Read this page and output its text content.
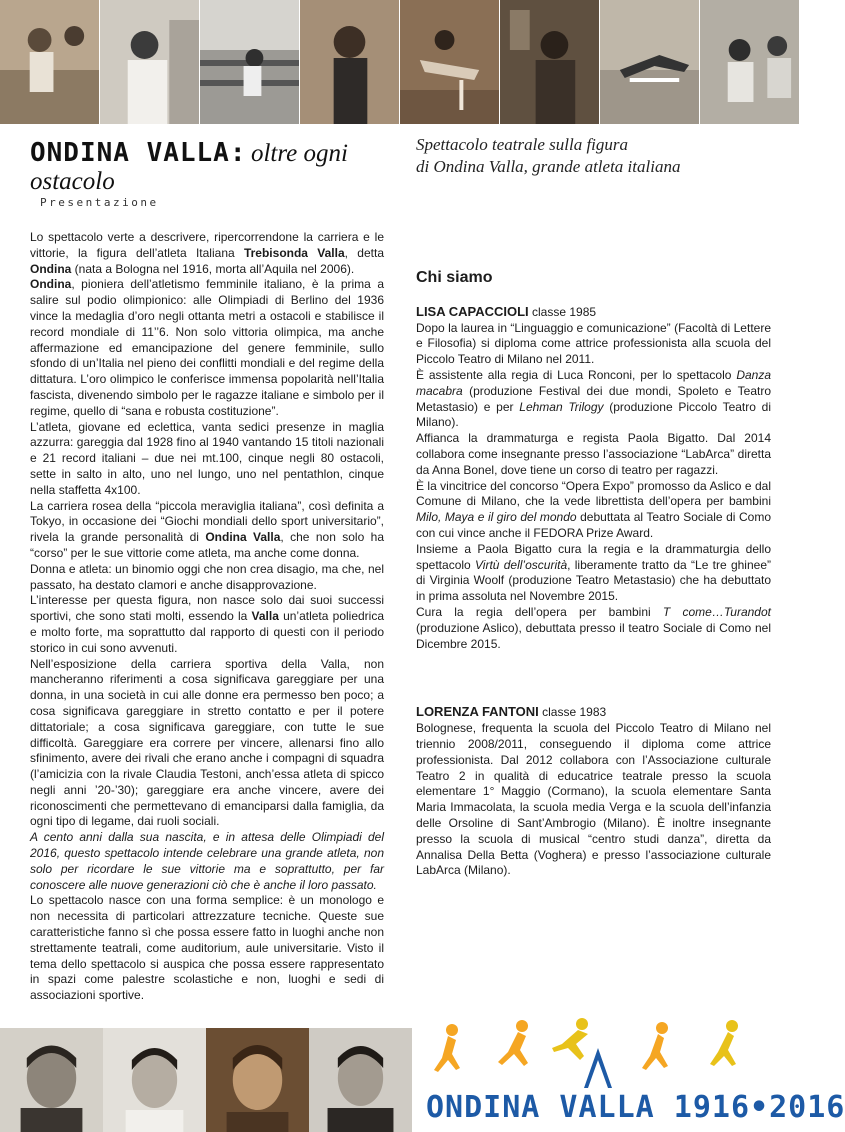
ONDINA VALLA: oltre ogni ostacolo
Presentazione
Spettacolo teatrale sulla figura
di Ondina Valla, grande atleta italiana

Lo spettacolo verte a descrivere, ripercorrendone la carriera e le vittorie, la figura dell’atleta Italiana Trebisonda Valla, detta Ondina (nata a Bologna nel 1916, morta all’Aquila nel 2006).

Ondina, pioniera dell’atletismo femminile italiano, è la prima a salire sul podio olimpionico: alle Olimpiadi di Berlino del 1936 vince la medaglia d’oro negli ottanta metri a ostacoli e stabilisce il record mondiale di 11’’6. Non solo vittoria olimpica, ma anche affermazione ed emancipazione del genere femminile, sullo sfondo di un’Italia nel pieno dei conflitti mondiali e del regime della dittatura. L’oro olimpico le conferisce immensa popolarità nell’Italia fascista, divenendo simbolo per le ragazze italiane e simbolo per il regime, quello di “sana e robusta costituzione”.

L’atleta, giovane ed eclettica, vanta sedici presenze in maglia azzurra: gareggia dal 1928 fino al 1940 vantando 15 titoli nazionali e 21 record italiani – due nei mt.100, cinque negli 80 ostacoli, sette in salto in alto, uno nel lungo, uno nel pentathlon, cinque nella staffetta 4x100.

La carriera rosea della “piccola meraviglia italiana”, così definita a Tokyo, in occasione dei “Giochi mondiali dello sport universitario”, rivela la grande personalità di Ondina Valla, che non solo ha “corso” per le sue vittorie come atleta, ma anche come donna.

Donna e atleta: un binomio oggi che non crea disagio, ma che, nel passato, ha destato clamori e anche disapprovazione.

L’interesse per questa figura, non nasce solo dai suoi successi sportivi, che sono stati molti, essendo la Valla un’atleta poliedrica e molto forte, ma soprattutto dal rapporto di questi con il periodo storico in cui sono avvenuti.

Nell’esposizione della carriera sportiva della Valla, non mancheranno riferimenti a cosa significava gareggiare per una donna, in una società in cui alle donne era permesso ben poco; a cosa significava gareggiare in stretto contatto e per il potere dittatoriale; a cosa significava gareggiare, con tutte le sue difficoltà. Gareggiare era correre per vincere, allenarsi fino allo sfinimento, avere dei rivali che erano anche i compagni di squadra (l’amicizia con la rivale Claudia Testoni, anch’essa atleta di spicco negli anni ’20-’30); gareggiare era anche vincere, avere dei riconoscimenti che permettevano di emanciparsi dalla famiglia, da ogni tipo di legame, dai ruoli sociali.

A cento anni dalla sua nascita, e in attesa delle Olimpiadi del 2016, questo spettacolo intende celebrare una grande atleta, non solo per ricordare le sue vittorie ma e soprattutto, per far conoscere alle nuove generazioni ciò che è anche il loro passato.

Lo spettacolo nasce con una forma semplice: è un monologo e non necessita di particolari attrezzature tecniche. Queste sue caratteristiche fanno sì che possa essere fatto in luoghi anche non strettamente teatrali, come auditorium, aule universitarie. Visto il tema dello spettacolo si auspica che possa essere rappresentato in spazi come palestre scolastiche e non, luoghi e sedi di associazioni sportive.

Chi siamo
LISA CAPACCIOLI classe 1985

Dopo la laurea in “Linguaggio e comunicazione” (Facoltà di Lettere e Filosofia) si diploma come attrice professionista alla scuola del Piccolo Teatro di Milano nel 2011.

È assistente alla regia di Luca Ronconi, per lo spettacolo Danza macabra (produzione Festival dei due mondi, Spoleto e Teatro Metastasio) e per Lehman Trilogy (produzione Piccolo Teatro di Milano).

Affianca la drammaturga e regista Paola Bigatto. Dal 2014 collabora come insegnante presso l’associazione “LabArca” diretta da Anna Bonel, dove tiene un corso di teatro per ragazzi.

È la vincitrice del concorso “Opera Expo” promosso da Aslico e dal Comune di Milano, che la vede librettista dell’opera per bambini Milo, Maya e il giro del mondo debuttata al Teatro Sociale di Como con cui vince anche il FEDORA Prize Award.

Insieme a Paola Bigatto cura la regia e la drammaturgia dello spettacolo Virtù dell’oscurità, liberamente tratto da “Le tre ghinee” di Virginia Woolf (produzione Teatro Metastasio) che ha debuttato in prima assoluta nel Novembre 2015.

Cura la regia dell’opera per bambini T come…Turandot (produzione Aslico), debuttata presso il teatro Sociale di Como nel Dicembre 2015.

LORENZA FANTONI classe 1983

Bolognese, frequenta la scuola del Piccolo Teatro di Milano nel triennio 2008/2011, conseguendo il diploma come attrice professionista. Dal 2012 collabora con l’Associazione culturale Teatro 2 in qualità di educatrice teatrale presso la scuola elementare 1° Maggio (Cormano), la scuola elementare Santa Maria Immacolata, la scuola media Verga e la scuola dell’infanzia delle Orsoline di Sant’Ambrogio (Milano). È inoltre insegnante presso la scuola di musical “centro studi danza”, diretta da Annalisa Della Betta (Voghera) e presso l’associazione culturale LabArca (Milano).

ONDINA VALLA 1916•2016
